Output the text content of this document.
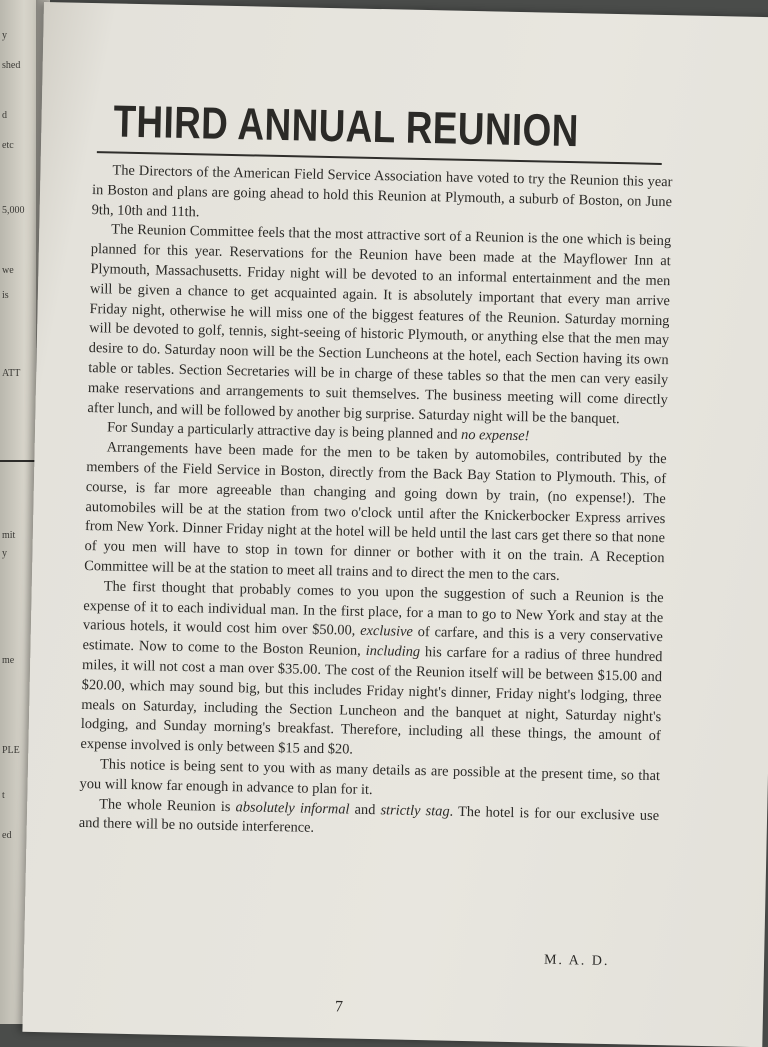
y
shed
d
etc
5,000
we
is
ATT
mit
y
me
PLE
t
ed
THIRD ANNUAL REUNION

The Directors of the American Field Service Association have voted to try the Reunion this year in Boston and plans are going ahead to hold this Reunion at Plymouth, a suburb of Boston, on June 9th, 10th and 11th.

The Reunion Committee feels that the most attractive sort of a Reunion is the one which is being planned for this year. Reservations for the Reunion have been made at the Mayflower Inn at Plymouth, Massachusetts. Friday night will be devoted to an informal entertainment and the men will be given a chance to get acquainted again. It is absolutely important that every man arrive Friday night, otherwise he will miss one of the biggest features of the Reunion. Saturday morning will be devoted to golf, tennis, sight-seeing of historic Plymouth, or anything else that the men may desire to do. Saturday noon will be the Section Luncheons at the hotel, each Section having its own table or tables. Section Secretaries will be in charge of these tables so that the men can very easily make reservations and arrangements to suit themselves. The business meeting will come directly after lunch, and will be followed by another big surprise. Saturday night will be the banquet.

For Sunday a particularly attractive day is being planned and no expense!

Arrangements have been made for the men to be taken by automobiles, contributed by the members of the Field Service in Boston, directly from the Back Bay Station to Plymouth. This, of course, is far more agreeable than changing and going down by train, (no expense!). The automobiles will be at the station from two o'clock until after the Knickerbocker Express arrives from New York. Dinner Friday night at the hotel will be held until the last cars get there so that none of you men will have to stop in town for dinner or bother with it on the train. A Reception Committee will be at the station to meet all trains and to direct the men to the cars.

The first thought that probably comes to you upon the suggestion of such a Reunion is the expense of it to each individual man. In the first place, for a man to go to New York and stay at the various hotels, it would cost him over $50.00, exclusive of carfare, and this is a very conservative estimate. Now to come to the Boston Reunion, including his carfare for a radius of three hundred miles, it will not cost a man over $35.00. The cost of the Reunion itself will be between $15.00 and $20.00, which may sound big, but this includes Friday night's dinner, Friday night's lodging, three meals on Saturday, including the Section Luncheon and the banquet at night, Saturday night's lodging, and Sunday morning's breakfast. Therefore, including all these things, the amount of expense involved is only between $15 and $20.

This notice is being sent to you with as many details as are possible at the present time, so that you will know far enough in advance to plan for it.

The whole Reunion is absolutely informal and strictly stag. The hotel is for our exclusive use and there will be no outside interference.

M. A. D.
7
